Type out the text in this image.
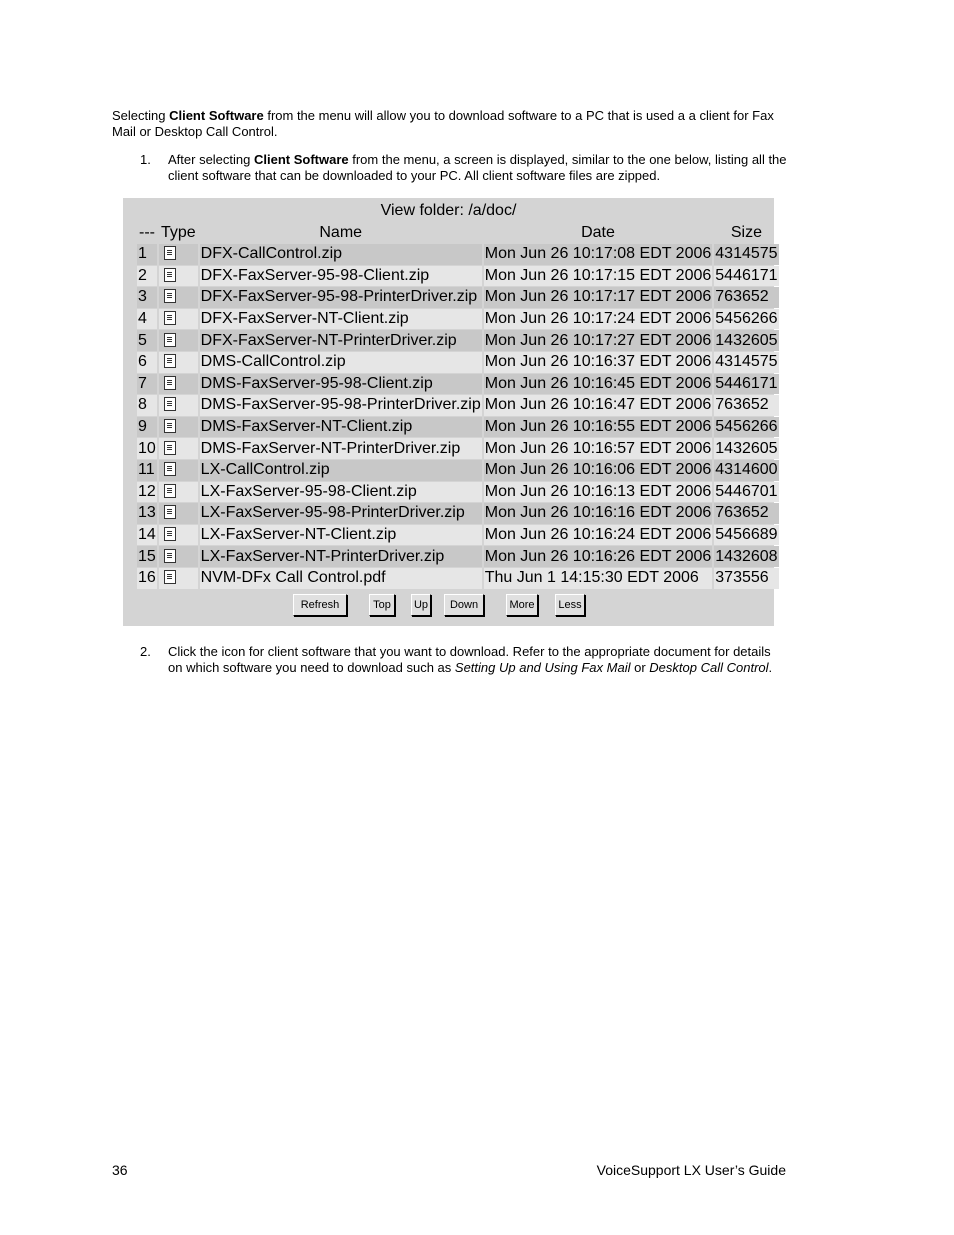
Selecting Client Software from the menu will allow you to download software to a PC that is used a a client for Fax Mail or Desktop Call Control.

1. After selecting Client Software from the menu, a screen is displayed, similar to the one below, listing all the client software that can be downloaded to your PC. All client software files are zipped.
View folder: /a/doc/
---	Type	Name	Date	Size
1		DFX-CallControl.zip	Mon Jun 26 10:17:08 EDT 2006	4314575
2		DFX-FaxServer-95-98-Client.zip	Mon Jun 26 10:17:15 EDT 2006	5446171
3		DFX-FaxServer-95-98-PrinterDriver.zip	Mon Jun 26 10:17:17 EDT 2006	763652
4		DFX-FaxServer-NT-Client.zip	Mon Jun 26 10:17:24 EDT 2006	5456266
5		DFX-FaxServer-NT-PrinterDriver.zip	Mon Jun 26 10:17:27 EDT 2006	1432605
6		DMS-CallControl.zip	Mon Jun 26 10:16:37 EDT 2006	4314575
7		DMS-FaxServer-95-98-Client.zip	Mon Jun 26 10:16:45 EDT 2006	5446171
8		DMS-FaxServer-95-98-PrinterDriver.zip	Mon Jun 26 10:16:47 EDT 2006	763652
9		DMS-FaxServer-NT-Client.zip	Mon Jun 26 10:16:55 EDT 2006	5456266
10		DMS-FaxServer-NT-PrinterDriver.zip	Mon Jun 26 10:16:57 EDT 2006	1432605
11		LX-CallControl.zip	Mon Jun 26 10:16:06 EDT 2006	4314600
12		LX-FaxServer-95-98-Client.zip	Mon Jun 26 10:16:13 EDT 2006	5446701
13		LX-FaxServer-95-98-PrinterDriver.zip	Mon Jun 26 10:16:16 EDT 2006	763652
14		LX-FaxServer-NT-Client.zip	Mon Jun 26 10:16:24 EDT 2006	5456689
15		LX-FaxServer-NT-PrinterDriver.zip	Mon Jun 26 10:16:26 EDT 2006	1432608
16		NVM-DFx Call Control.pdf	Thu Jun 1 14:15:30 EDT 2006	373556
Refresh	Top	Up	Down	More	Less
2. Click the icon for client software that you want to download. Refer to the appropriate document for details on which software you need to download such as Setting Up and Using Fax Mail or Desktop Call Control.
36	VoiceSupport LX User’s Guide
